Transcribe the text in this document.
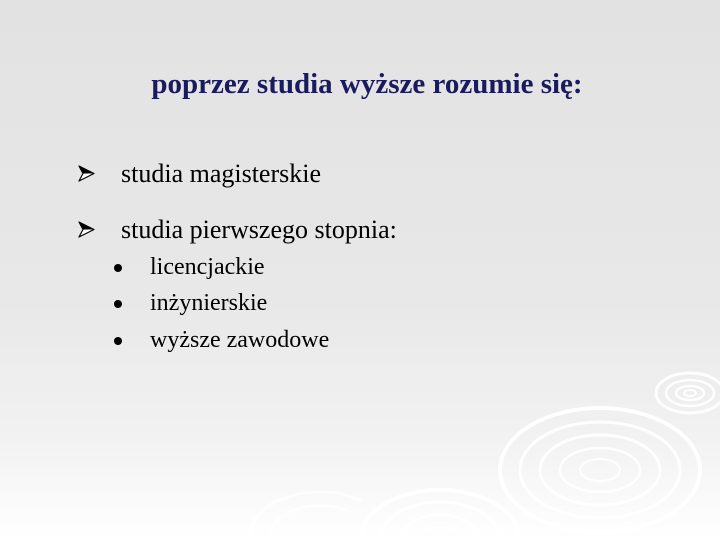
poprzez studia wyższe rozumie się:
studia magisterskie
studia pierwszego stopnia:
licencjackie
inżynierskie
wyższe zawodowe
